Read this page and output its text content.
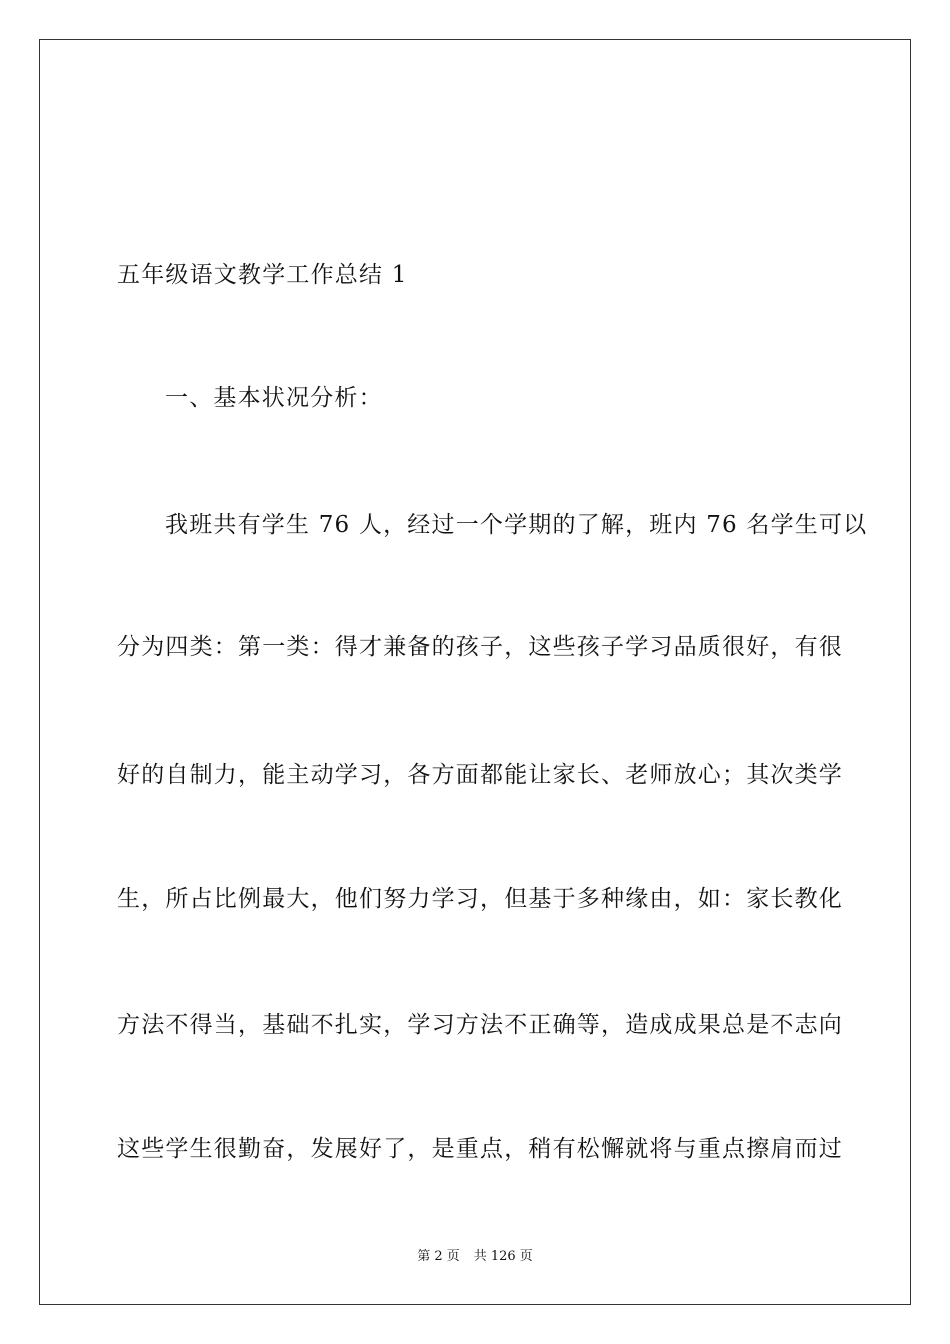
五年级语文教学工作总结 1
一、基本状况分析：
我班共有学生 76 人，经过一个学期的了解，班内 76 名学生可以
分为四类：第一类：得才兼备的孩子，这些孩子学习品质很好，有很
好的自制力，能主动学习，各方面都能让家长、老师放心；其次类学
生，所占比例最大，他们努力学习，但基于多种缘由，如：家长教化
方法不得当，基础不扎实，学习方法不正确等，造成成果总是不志向
这些学生很勤奋，发展好了，是重点，稍有松懈就将与重点擦肩而过
第 2 页 共 126 页
